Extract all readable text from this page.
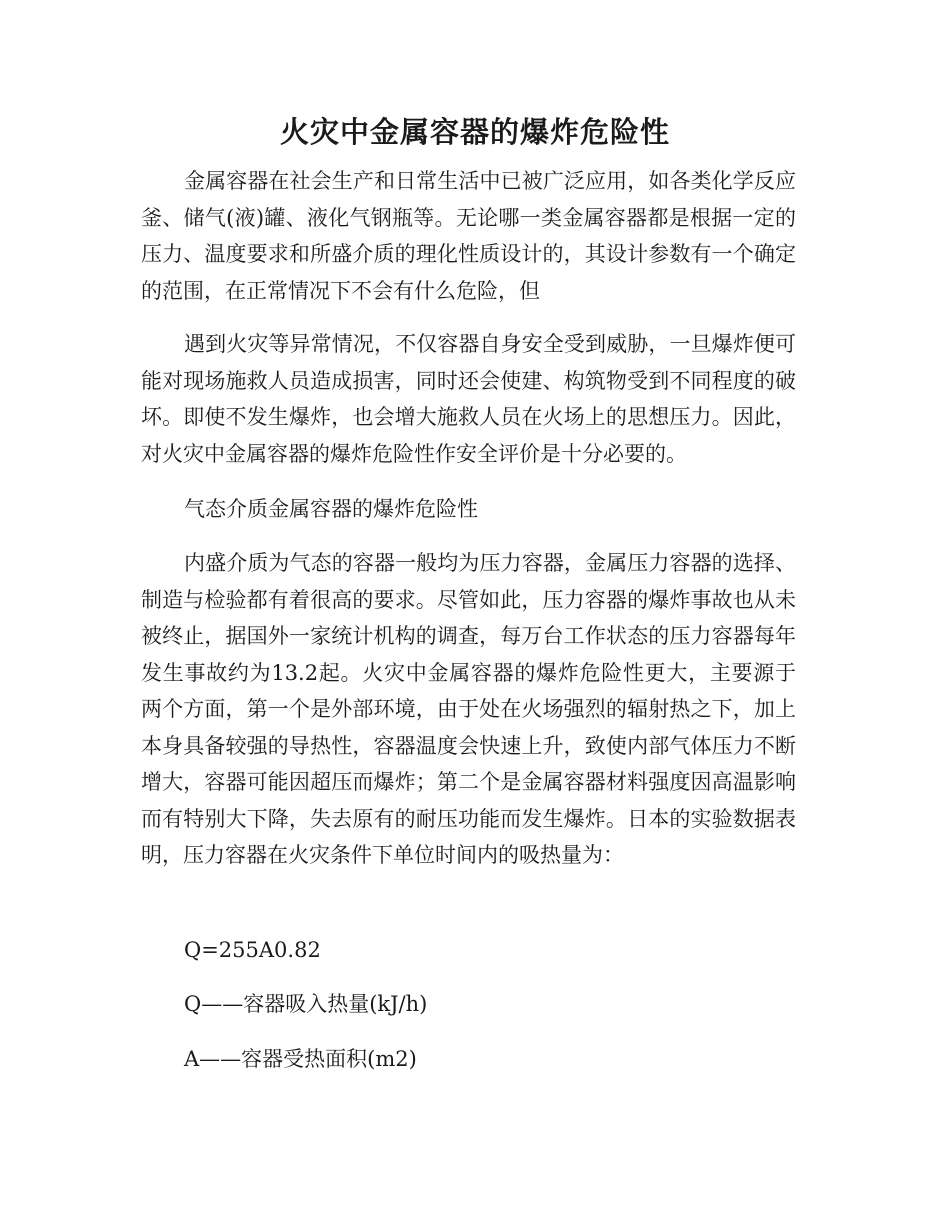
火灾中金属容器的爆炸危险性

金属容器在社会生产和日常生活中已被广泛应用，如各类化学反应釜、储气(液)罐、液化气钢瓶等。无论哪一类金属容器都是根据一定的压力、温度要求和所盛介质的理化性质设计的，其设计参数有一个确定的范围，在正常情况下不会有什么危险，但

遇到火灾等异常情况，不仅容器自身安全受到威胁，一旦爆炸便可能对现场施救人员造成损害，同时还会使建、构筑物受到不同程度的破坏。即使不发生爆炸，也会增大施救人员在火场上的思想压力。因此，对火灾中金属容器的爆炸危险性作安全评价是十分必要的。

气态介质金属容器的爆炸危险性

内盛介质为气态的容器一般均为压力容器，金属压力容器的选择、制造与检验都有着很高的要求。尽管如此，压力容器的爆炸事故也从未被终止，据国外一家统计机构的调查，每万台工作状态的压力容器每年发生事故约为13.2起。火灾中金属容器的爆炸危险性更大，主要源于两个方面，第一个是外部环境，由于处在火场强烈的辐射热之下，加上本身具备较强的导热性，容器温度会快速上升，致使内部气体压力不断增大，容器可能因超压而爆炸；第二个是金属容器材料强度因高温影响而有特别大下降，失去原有的耐压功能而发生爆炸。日本的实验数据表明，压力容器在火灾条件下单位时间内的吸热量为：

Q=255A0.82

Q——容器吸入热量(kJ/h)

A——容器受热面积(m2)
